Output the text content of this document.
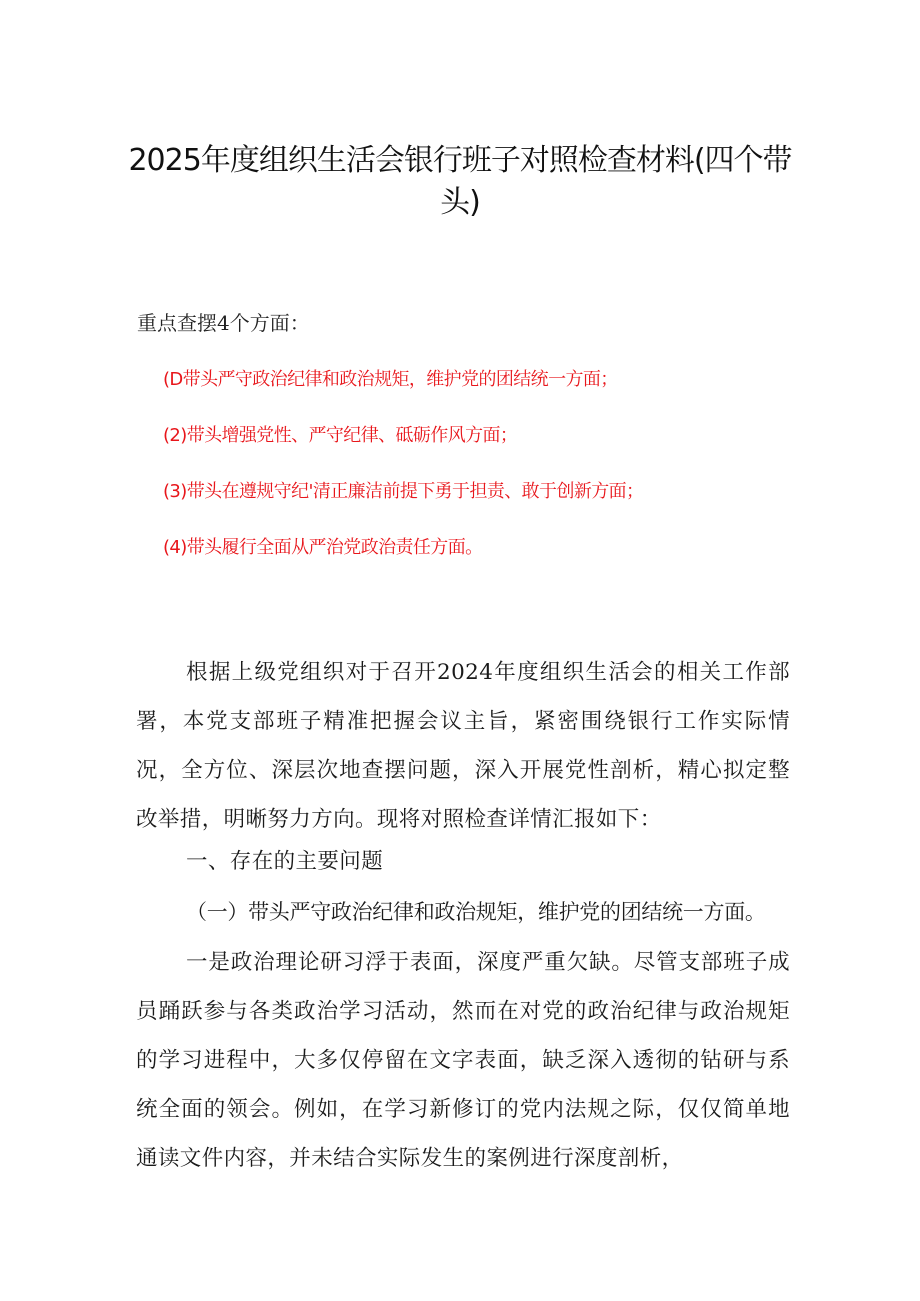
2025年度组织生活会银行班子对照检查材料(四个带头)
重点查摆4个方面：
(D带头严守政治纪律和政治规矩，维护党的团结统一方面；
(2)带头增强党性、严守纪律、砥砺作风方面；
(3)带头在遵规守纪'清正廉洁前提下勇于担责、敢于创新方面；
(4)带头履行全面从严治党政治责任方面。

根据上级党组织对于召开2024年度组织生活会的相关工作部署，本党支部班子精准把握会议主旨，紧密围绕银行工作实际情况，全方位、深层次地查摆问题，深入开展党性剖析，精心拟定整改举措，明晰努力方向。现将对照检查详情汇报如下：

一、存在的主要问题
（一）带头严守政治纪律和政治规矩，维护党的团结统一方面。

一是政治理论研习浮于表面，深度严重欠缺。尽管支部班子成员踊跃参与各类政治学习活动，然而在对党的政治纪律与政治规矩的学习进程中，大多仅停留在文字表面，缺乏深入透彻的钻研与系统全面的领会。例如，在学习新修订的党内法规之际，仅仅简单地通读文件内容，并未结合实际发生的案例进行深度剖析，
